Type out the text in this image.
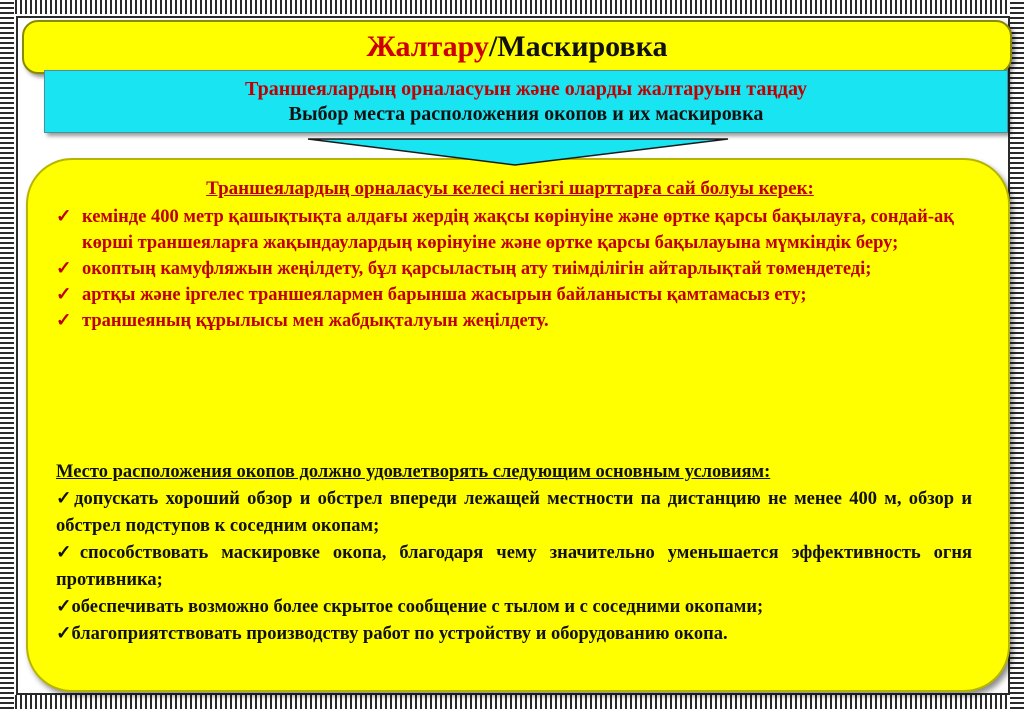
Жалтару /Маскировка
Траншеялардың орналасуын және оларды жалтаруын таңдау
Выбор места расположения окопов и их маскировка
Траншеялардың орналасуы келесі негізгі шарттарға сай болуы керек:
✓ кемінде 400 метр қашықтықта алдағы жердің жақсы көрінуіне және өртке қарсы бақылауға, сондай-ақ көрші траншеяларға жақындаулардың көрінуіне және өртке қарсы бақылауына мүмкіндік беру;
✓ окоптың камуфляжын жеңілдету, бұл қарсыластың ату тиімділігін айтарлықтай төмендетеді;
✓ артқы және іргелес траншеялармен барынша жасырын байланысты қамтамасыз ету;
✓ траншеяның құрылысы мен жабдықталуын жеңілдету.
Место расположения окопов должно удовлетворять следующим основным условиям:
✓допускать хороший обзор и обстрел впереди лежащей местности па дистанцию не менее 400 м, обзор и обстрел подступов к соседним окопам;
✓способствовать маскировке окопа, благодаря чему значительно уменьшается эффективность огня противника;
✓обеспечивать возможно более скрытое сообщение с тылом и с соседними окопами;
✓благоприятствовать производству работ по устройству и оборудованию окопа.
